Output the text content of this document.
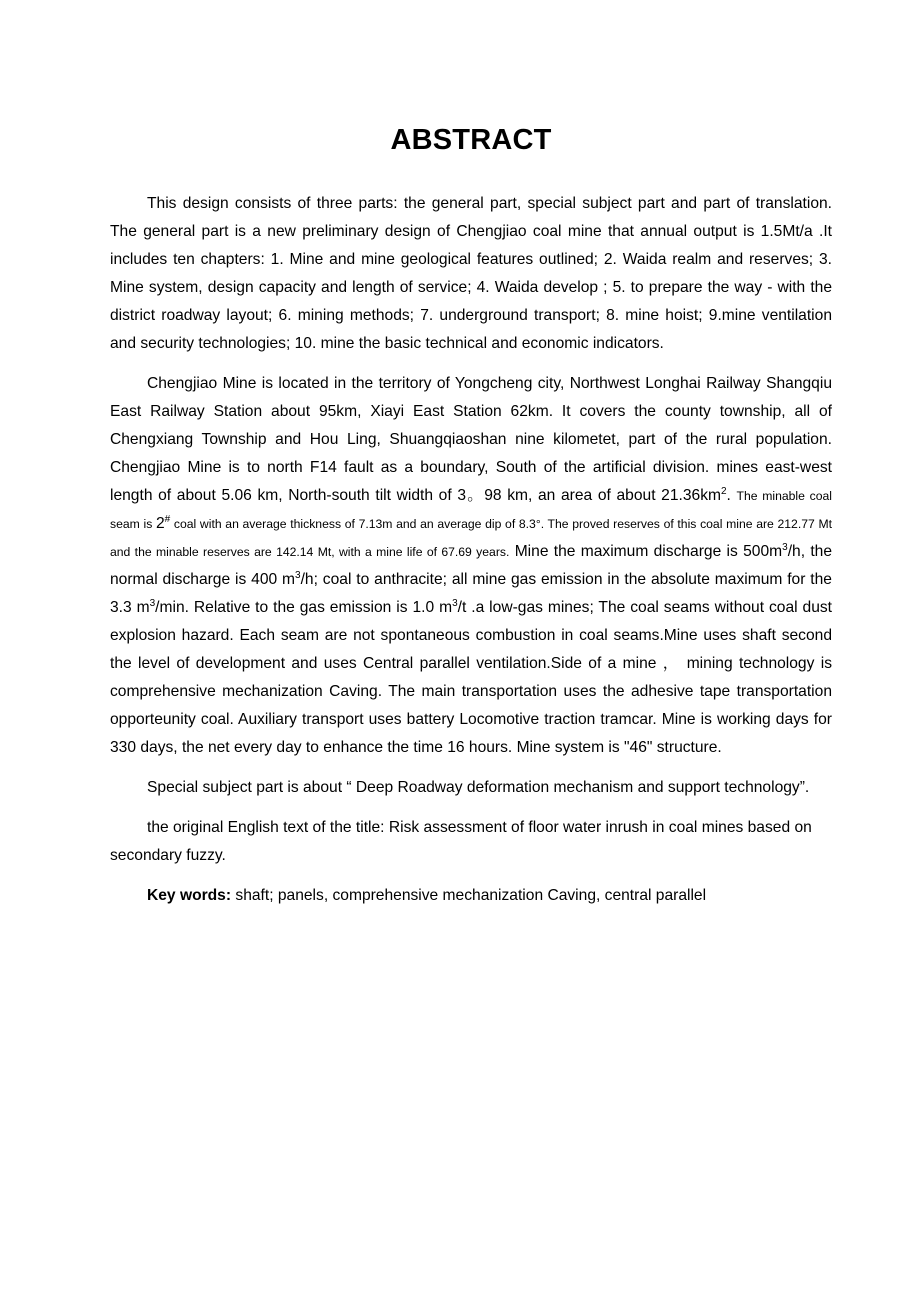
ABSTRACT

This design consists of three parts: the general part, special subject part and part of translation. The general part is a new preliminary design of Chengjiao coal mine that annual output is 1.5Mt/a .It includes ten chapters: 1. Mine and mine geological features outlined; 2. Waida realm and reserves; 3. Mine system, design capacity and length of service; 4. Waida develop ; 5. to prepare the way - with the district roadway layout; 6. mining methods; 7. underground transport; 8. mine hoist; 9.mine ventilation and security technologies; 10. mine the basic technical and economic indicators.

Chengjiao Mine is located in the territory of Yongcheng city, Northwest Longhai Railway Shangqiu East Railway Station about 95km, Xiayi East Station 62km. It covers the county township, all of Chengxiang Township and Hou Ling, Shuangqiaoshan nine kilometet, part of the rural population. Chengjiao Mine is to north F14 fault as a boundary, South of the artificial division. mines east-west length of about 5.06 km, North-south tilt width of 3。98 km, an area of about $21.36km^2$. The minable coal seam is 2# coal with an average thickness of 7.13m and an average dip of 8.3°. The proved reserves of this coal mine are 212.77 Mt and the minable reserves are 142.14 Mt, with a mine life of 67.69 years. Mine the maximum discharge is $500m^3/h$, the normal discharge is 400 $m^3/h$; coal to anthracite; all mine gas emission in the absolute maximum for the 3.3 $m^3/\min$. Relative to the gas emission is 1.0 $m^3/t$ .a low-gas mines; The coal seams without coal dust explosion hazard. Each seam are not spontaneous combustion in coal seams.Mine uses shaft second the level of development and uses Central parallel ventilation.Side of a mine ， mining technology is comprehensive mechanization Caving. The main transportation uses the adhesive tape transportation opporteunity coal. Auxiliary transport uses battery Locomotive traction tramcar. Mine is working days for 330 days, the net every day to enhance the time 16 hours. Mine system is "46" structure.

Special subject part is about “ Deep Roadway deformation mechanism and support technology”.

the original English text of the title: Risk assessment of floor water inrush in coal mines based on secondary fuzzy.

Key words: shaft; panels, comprehensive mechanization Caving, central parallel
